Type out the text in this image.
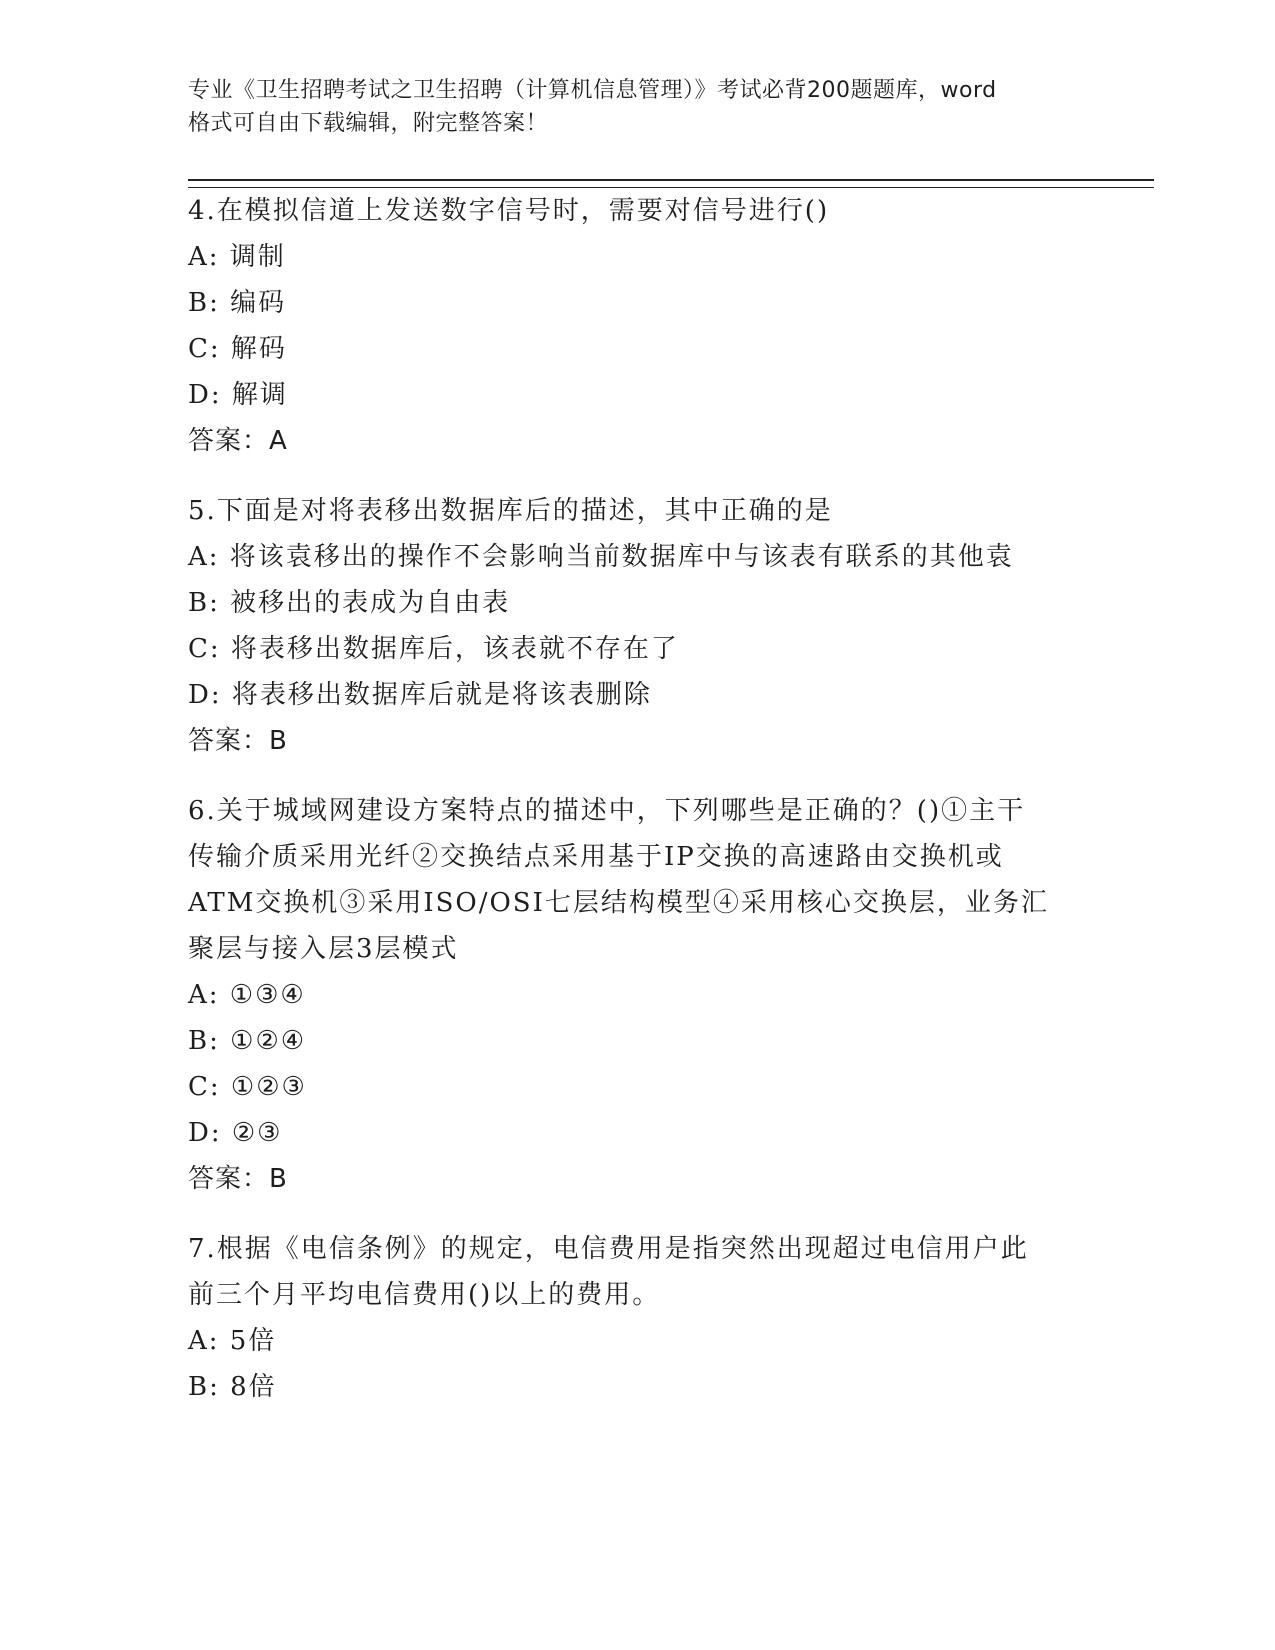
专业《卫生招聘考试之卫生招聘（计算机信息管理）》考试必背200题题库，word
格式可自由下载编辑，附完整答案！

4.在模拟信道上发送数字信号时，需要对信号进行()

A: 调制

B: 编码

C: 解码

D: 解调

答案：A

5.下面是对将表移出数据库后的描述，其中正确的是

A: 将该袁移出的操作不会影响当前数据库中与该表有联系的其他袁

B: 被移出的表成为自由表

C: 将表移出数据库后，该表就不存在了

D: 将表移出数据库后就是将该表删除

答案：B

6.关于城域网建设方案特点的描述中，下列哪些是正确的？()①主干

传输介质采用光纤②交换结点采用基于IP交换的高速路由交换机或

ATM交换机③采用ISO/OSI七层结构模型④采用核心交换层，业务汇

聚层与接入层3层模式

A: ①③④

B: ①②④

C: ①②③

D: ②③

答案：B

7.根据《电信条例》的规定，电信费用是指突然出现超过电信用户此

前三个月平均电信费用()以上的费用。

A: 5倍

B: 8倍
